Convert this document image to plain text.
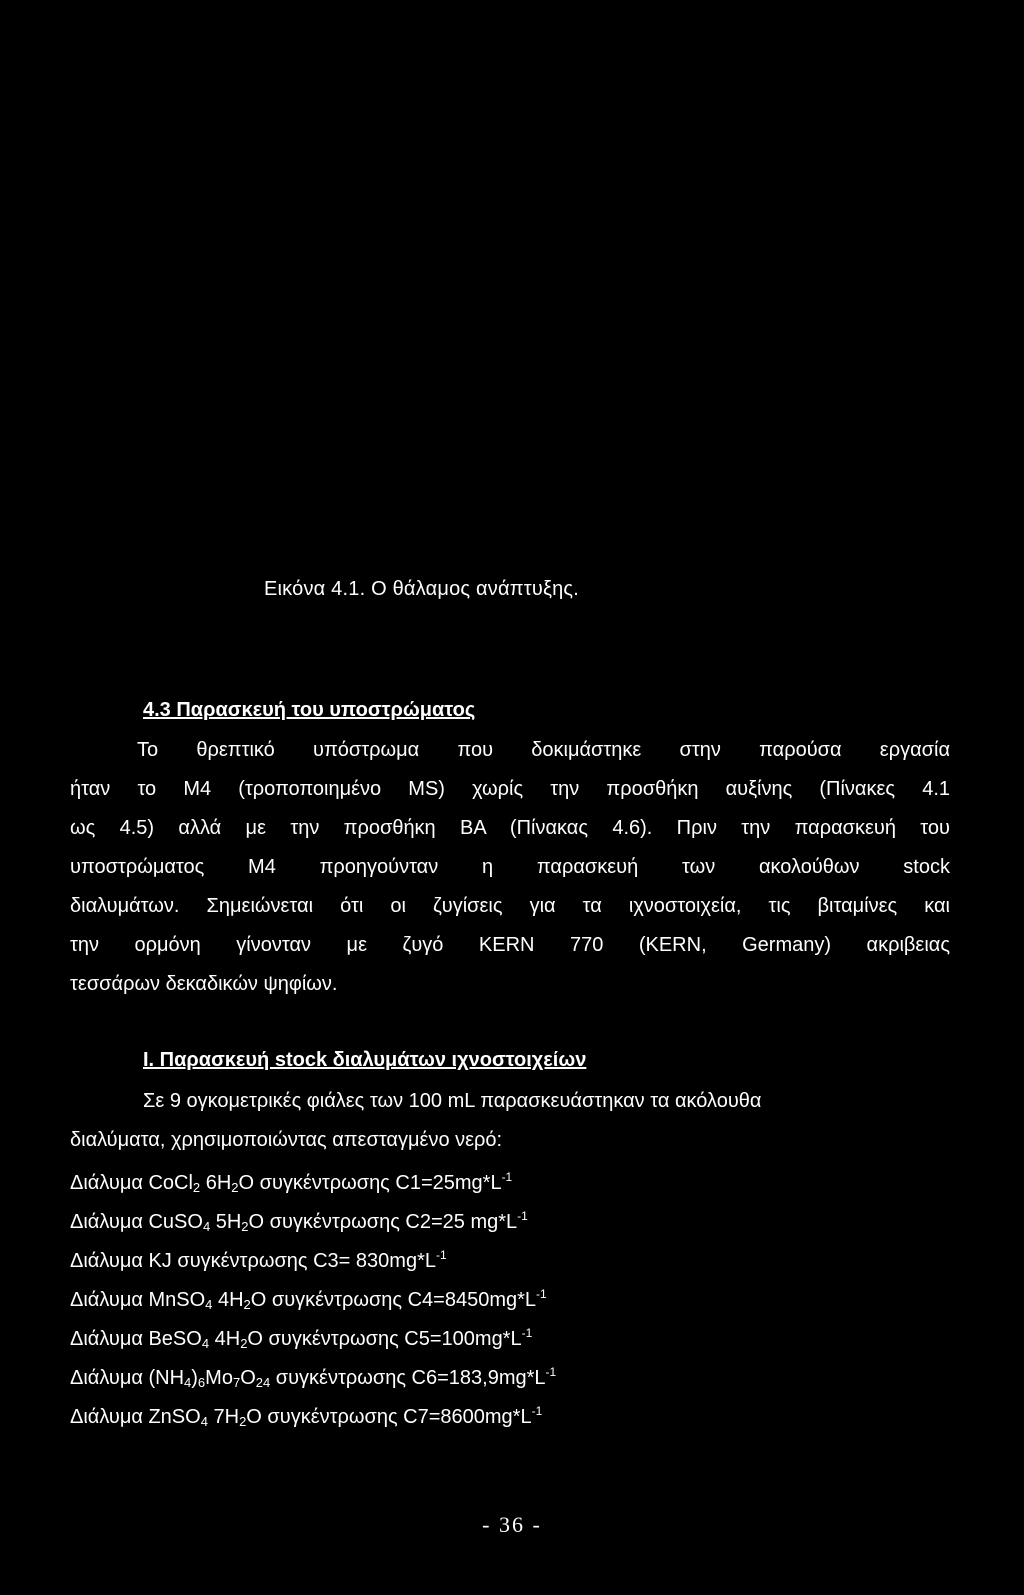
Εικόνα 4.1. Ο θάλαμος ανάπτυξης.
4.3 Παρασκευή του υποστρώματος
Το θρεπτικό υπόστρωμα που δοκιμάστηκε στην παρούσα εργασία
ήταν το M4 (τροποποιημένο MS) χωρίς την προσθήκη αυξίνης (Πίνακες 4.1
ως 4.5) αλλά με την προσθήκη BA (Πίνακας 4.6). Πριν την παρασκευή του
υποστρώματος M4 προηγούνταν η παρασκευή των ακολούθων stock
διαλυμάτων. Σημειώνεται ότι οι ζυγίσεις για τα ιχνοστοιχεία, τις βιταμίνες και
την ορμόνη γίνονταν με ζυγό KERN 770 (KERN, Germany) ακριβειας
τεσσάρων δεκαδικών ψηφίων.
I. Παρασκευή stock διαλυμάτων ιχνοστοιχείων
Σε 9 ογκομετρικές φιάλες των 100 mL παρασκευάστηκαν τα ακόλουθα
διαλύματα, χρησιμοποιώντας απεσταγμένο νερό:
Διάλυμα CoCl$_2$ $6H_2O$ συγκέντρωσης $C1=25mg*L^{-1}$
Διάλυμα CuSO$_4$ $5H_2O$ συγκέντρωσης C2=25 $mg*L^{-1}$
Διάλυμα KJ συγκέντρωσης $C3= 830mg*L^{-1}$
Διάλυμα MnSO$_4$ $4H_2O$ συγκέντρωσης $C4=8450mg*L^{-1}$
Διάλυμα BeSO$_4$ $4H_2O$ συγκέντρωσης $C5=100mg*L^{-1}$
Διάλυμα $(NH_4)_6Mo_7O_{24}$ συγκέντρωσης $C6=183,9mg*L^{-1}$
Διάλυμα ZnSO$_4$ $7H_2O$ συγκέντρωσης $C7=8600mg*L^{-1}$
- 36 -
